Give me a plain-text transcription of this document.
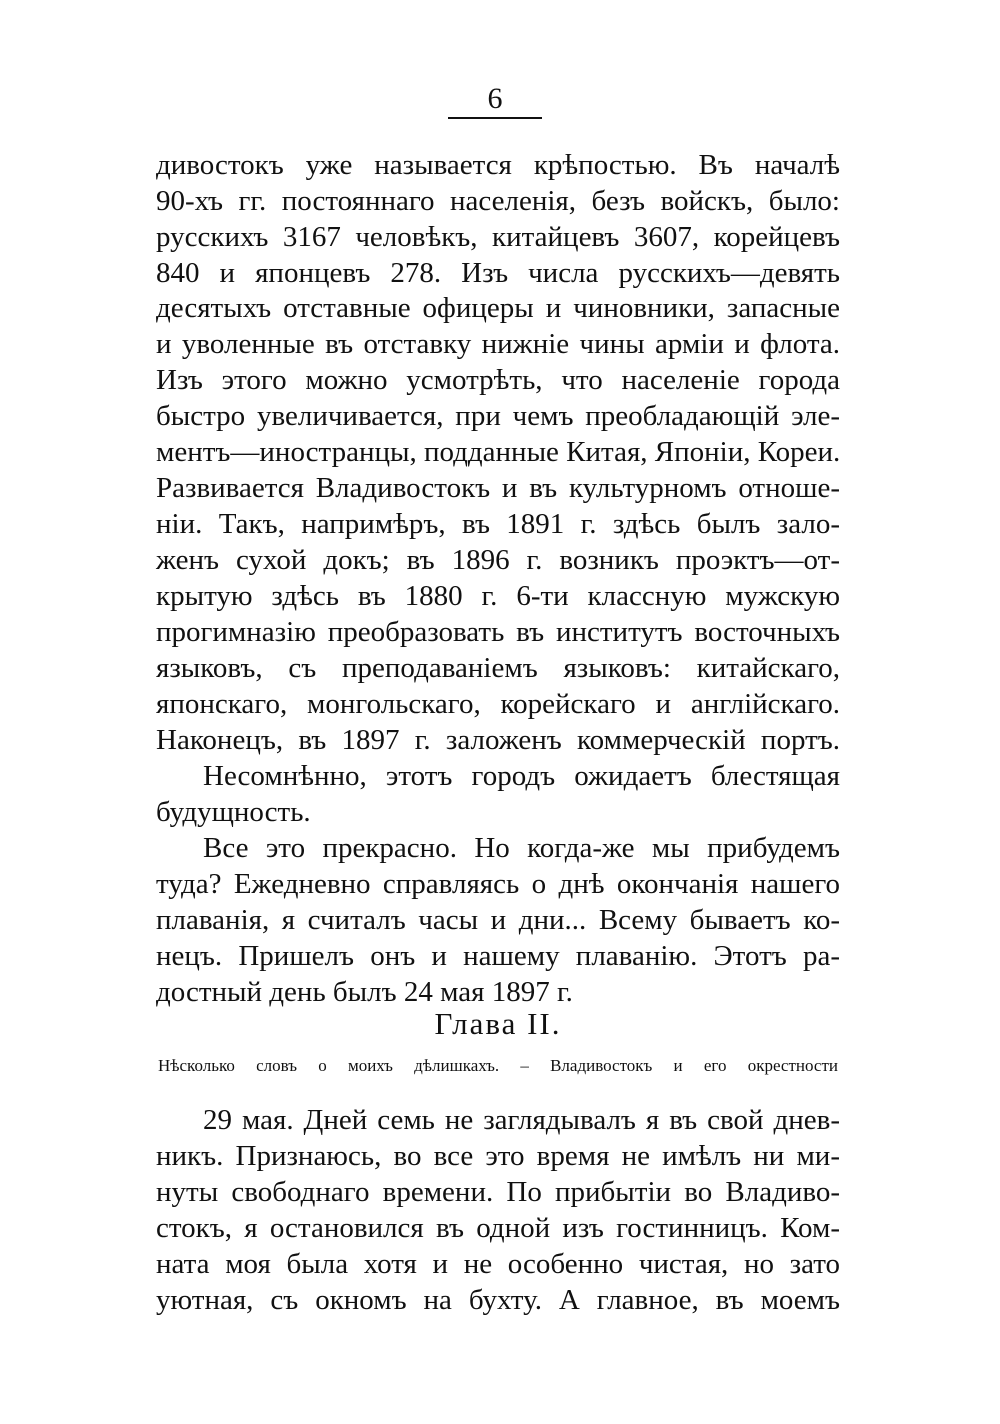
6
дивостокъ уже называется крѣпостью. Въ началѣ
90-хъ гг. постояннаго населенія, безъ войскъ, было:
русскихъ 3167 человѣкъ, китайцевъ 3607, корейцевъ
840 и японцевъ 278. Изъ числа русскихъ—девять
десятыхъ отставные офицеры и чиновники, запасные
и уволенные въ отставку нижніе чины арміи и флота.
Изъ этого можно усмотрѣть, что населеніе города
быстро увеличивается, при чемъ преобладающій эле-
ментъ—иностранцы, подданные Китая, Японіи, Кореи.
Развивается Владивостокъ и въ культурномъ отноше-
ніи. Такъ, напримѣръ, въ 1891 г. здѣсь былъ зало-
женъ сухой докъ; въ 1896 г. возникъ проэктъ—от-
крытую здѣсь въ 1880 г. 6-ти классную мужскую
прогимназію преобразовать въ институтъ восточныхъ
языковъ, съ преподаваніемъ языковъ: китайскаго,
японскаго, монгольскаго, корейскаго и англійскаго.
Наконецъ, въ 1897 г. заложенъ коммерческій портъ.
Несомнѣнно, этотъ городъ ожидаетъ блестящая
будущность.
Все это прекрасно. Но когда-же мы прибудемъ
туда? Ежедневно справляясь о днѣ окончанія нашего
плаванія, я считалъ часы и дни... Всему бываетъ ко-
нецъ. Пришелъ онъ и нашему плаванію. Этотъ ра-
достный день былъ 24 мая 1897 г.
Глава II.
Нѣсколько словъ о моихъ дѣлишкахъ. – Владивостокъ и его окрестности
29 мая. Дней семь не заглядывалъ я въ свой днев-
никъ. Признаюсь, во все это время не имѣлъ ни ми-
нуты свободнаго времени. По прибытіи во Владиво-
стокъ, я остановился въ одной изъ гостинницъ. Ком-
ната моя была хотя и не особенно чистая, но зато
уютная, съ окномъ на бухту. А главное, въ моемъ
